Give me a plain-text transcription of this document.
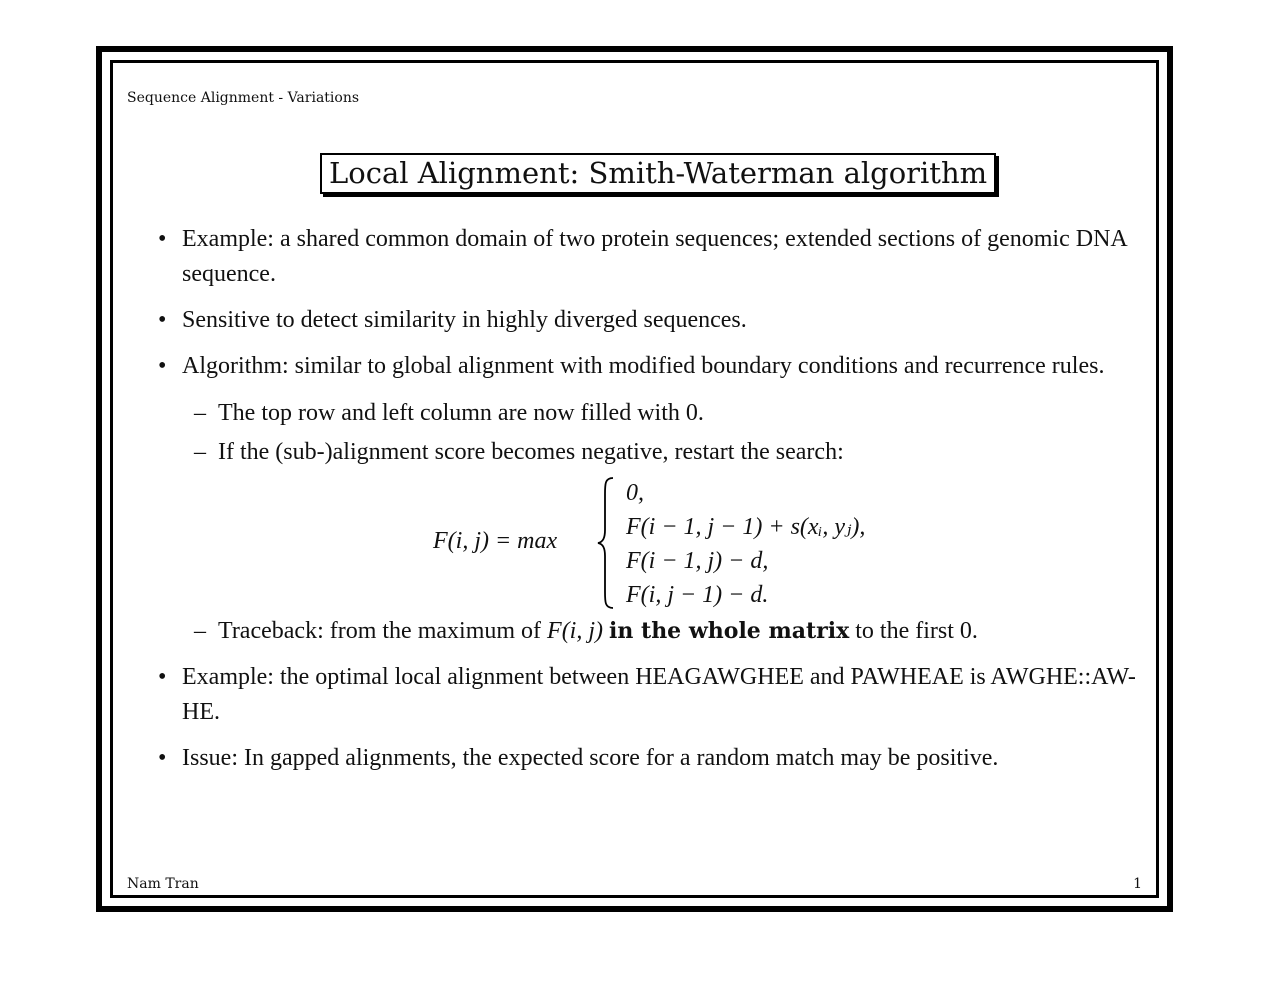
Sequence Alignment - Variations
Local Alignment: Smith-Waterman algorithm
• Example: a shared common domain of two protein sequences; extended sections of genomic DNA sequence.
• Sensitive to detect similarity in highly diverged sequences.
• Algorithm: similar to global alignment with modified boundary conditions and recurrence rules.
– The top row and left column are now filled with 0.
– If the (sub-)alignment score becomes negative, restart the search:
F(i, j) = max
0,
F(i − 1, j − 1) + s(xᵢ, yⱼ),
F(i − 1, j) − d,
F(i, j − 1) − d.
– Traceback: from the maximum of F(i, j) in the whole matrix to the first 0.
• Example: the optimal local alignment between HEAGAWGHEE and PAWHEAE is AWGHE::AW-HE.
• Issue: In gapped alignments, the expected score for a random match may be positive.
Nam Tran	1
